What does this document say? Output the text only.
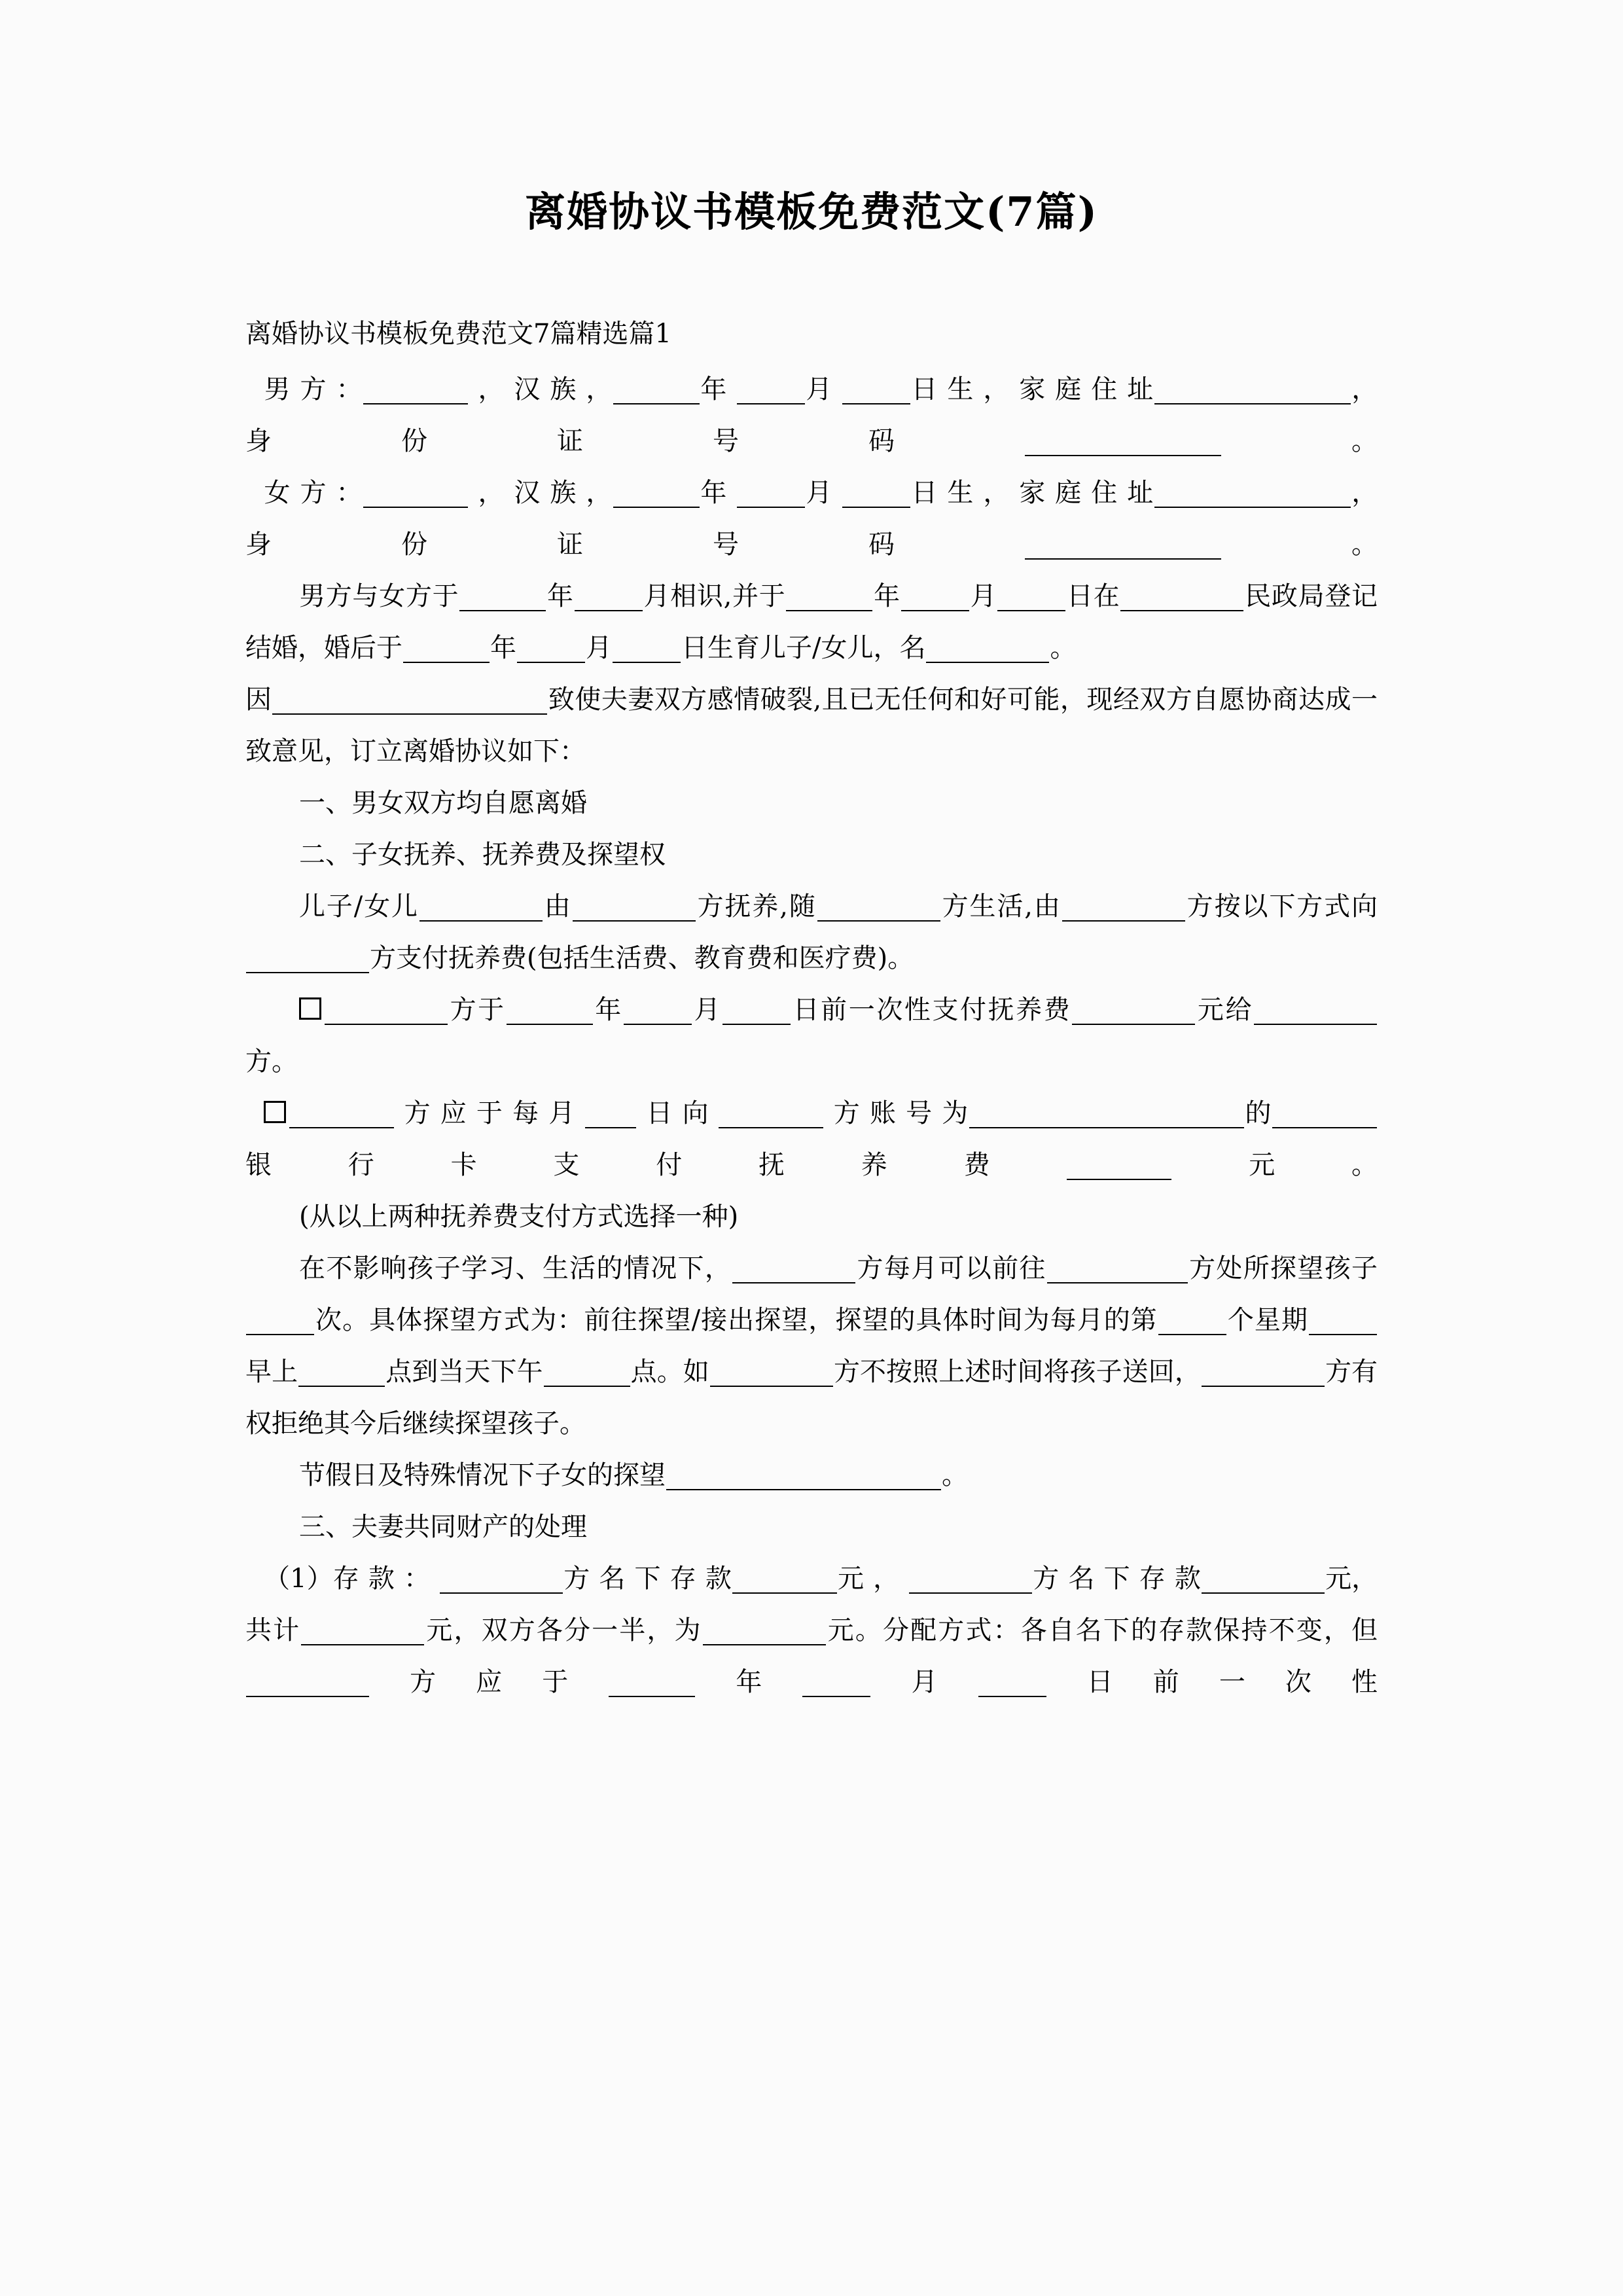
离婚协议书模板免费范文(7篇)

离婚协议书模板免费范文7篇精选篇1

男 方 ：	， 汉 族 ，	年	月	日 生 ， 家 庭 住 址	，身份证号码	。

女 方 ：	， 汉 族 ，	年	月	日 生 ， 家 庭 住 址	，身份证号码	。

男方与女方于	年	月相识,并于	年	月	日在	民政局登记结婚，婚后于	年	月	日生育儿子/女儿，名	。

因	致使夫妻双方感情破裂,且已无任何和好可能，现经双方自愿协商达成一致意见，订立离婚协议如下：

一、男女双方均自愿离婚

二、子女抚养、抚养费及探望权

儿子/女儿	由	方抚养,随	方生活,由	方按以下方式向方支付抚养费(包括生活费、教育费和医疗费)。

方于	年	月	日前一次性支付抚养费	元给方。

方 应 于 每 月	日 向	方 账 号 为	的银行卡支付抚养费	元。

(从以上两种抚养费支付方式选择一种)

在不影响孩子学习、生活的情况下，	方每月可以前往	方处所探望孩子次。具体探望方式为：前往探望/接出探望，探望的具体时间为每月的第	个星期早上	点到当天下午	点。如	方不按照上述时间将孩子送回，	方有权拒绝其今后继续探望孩子。

节假日及特殊情况下子女的探望	。

三、夫妻共同财产的处理

（1）存 款 ：	方 名 下 存 款	元 ，	方 名 下 存 款	元，共计	元，双方各分一半，为	元。分配方式：各自名下的存款保持不变，但方应于	年	月	日前一次性
